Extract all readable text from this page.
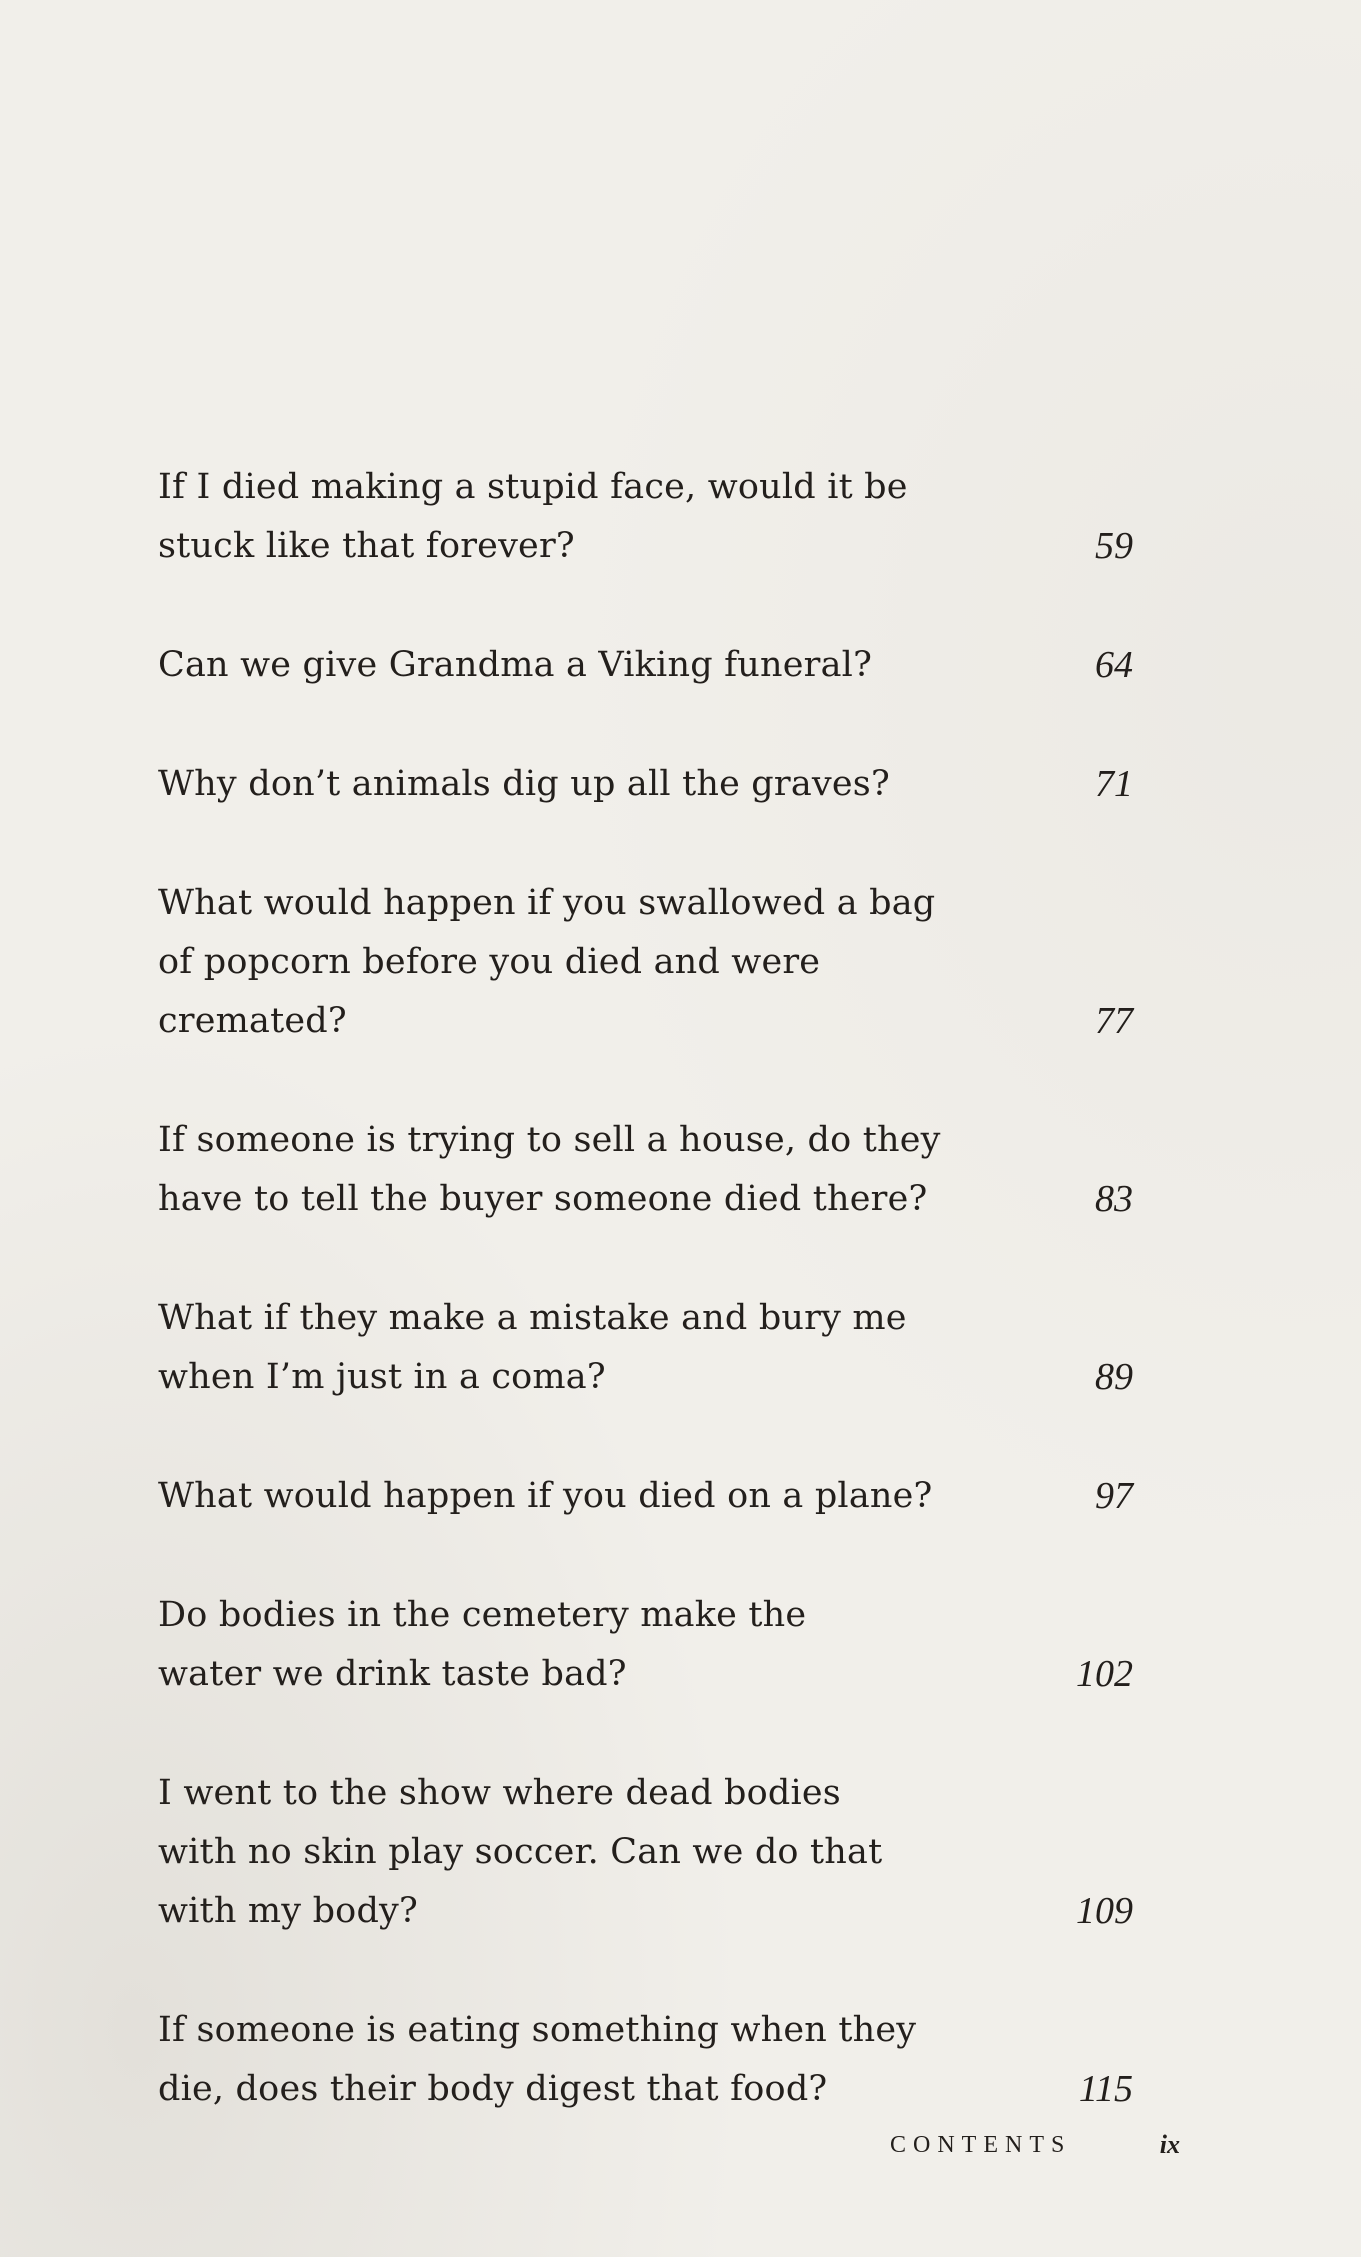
If I died making a stupid face, would it be
stuck like that forever?	59
Can we give Grandma a Viking funeral?	64
Why don’t animals dig up all the graves?	71
What would happen if you swallowed a bag
of popcorn before you died and were cremated?	77
If someone is trying to sell a house, do they
have to tell the buyer someone died there?	83
What if they make a mistake and bury me
when I’m just in a coma?	89
What would happen if you died on a plane?	97
Do bodies in the cemetery make the
water we drink taste bad?	102
I went to the show where dead bodies
with no skin play soccer. Can we do that
with my body?	109
If someone is eating something when they
die, does their body digest that food?	115
CONTENTS	ix
